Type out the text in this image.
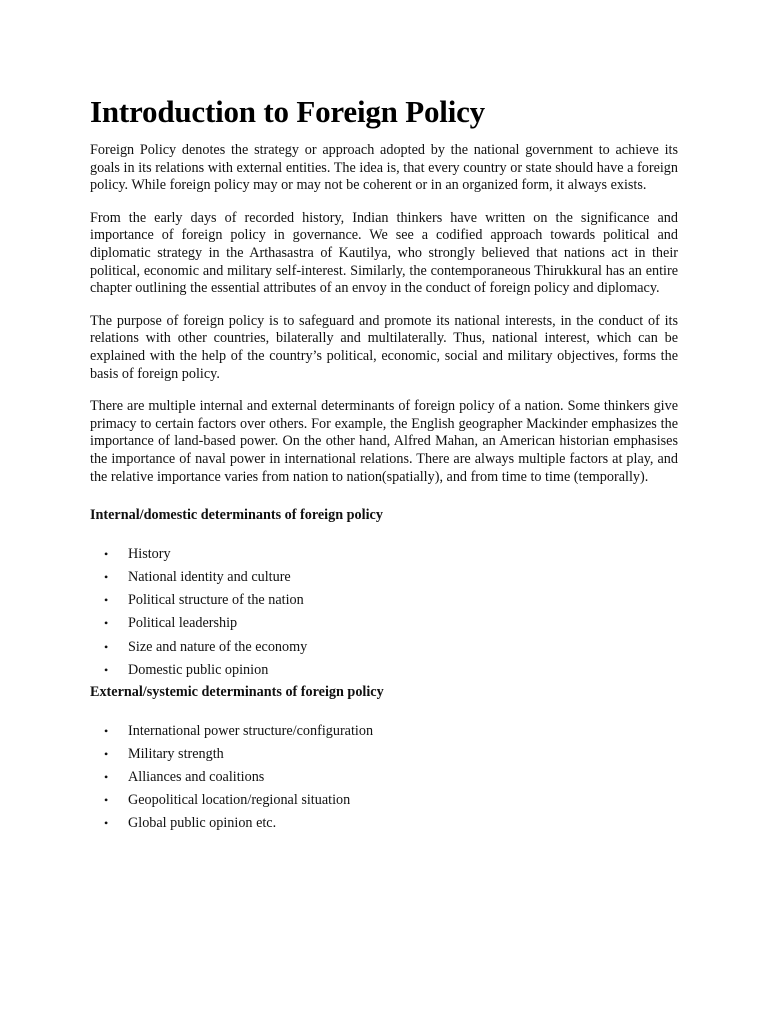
Introduction to Foreign Policy

Foreign Policy denotes the strategy or approach adopted by the national government to achieve its goals in its relations with external entities. The idea is, that every country or state should have a foreign policy. While foreign policy may or may not be coherent or in an organized form, it always exists.

From the early days of recorded history, Indian thinkers have written on the significance and importance of foreign policy in governance. We see a codified approach towards political and diplomatic strategy in the Arthasastra of Kautilya, who strongly believed that nations act in their political, economic and military self-interest. Similarly, the contemporaneous Thirukkural has an entire chapter outlining the essential attributes of an envoy in the conduct of foreign policy and diplomacy.

The purpose of foreign policy is to safeguard and promote its national interests, in the conduct of its relations with other countries, bilaterally and multilaterally. Thus, national interest, which can be explained with the help of the country’s political, economic, social and military objectives, forms the basis of foreign policy.

There are multiple internal and external determinants of foreign policy of a nation. Some thinkers give primacy to certain factors over others. For example, the English geographer Mackinder emphasizes the importance of land-based power. On the other hand, Alfred Mahan, an American historian emphasises the importance of naval power in international relations. There are always multiple factors at play, and the relative importance varies from nation to nation(spatially), and from time to time (temporally).

Internal/domestic determinants of foreign policy
• History
• National identity and culture
• Political structure of the nation
• Political leadership
• Size and nature of the economy
• Domestic public opinion
External/systemic determinants of foreign policy
• International power structure/configuration
• Military strength
• Alliances and coalitions
• Geopolitical location/regional situation
• Global public opinion etc.
